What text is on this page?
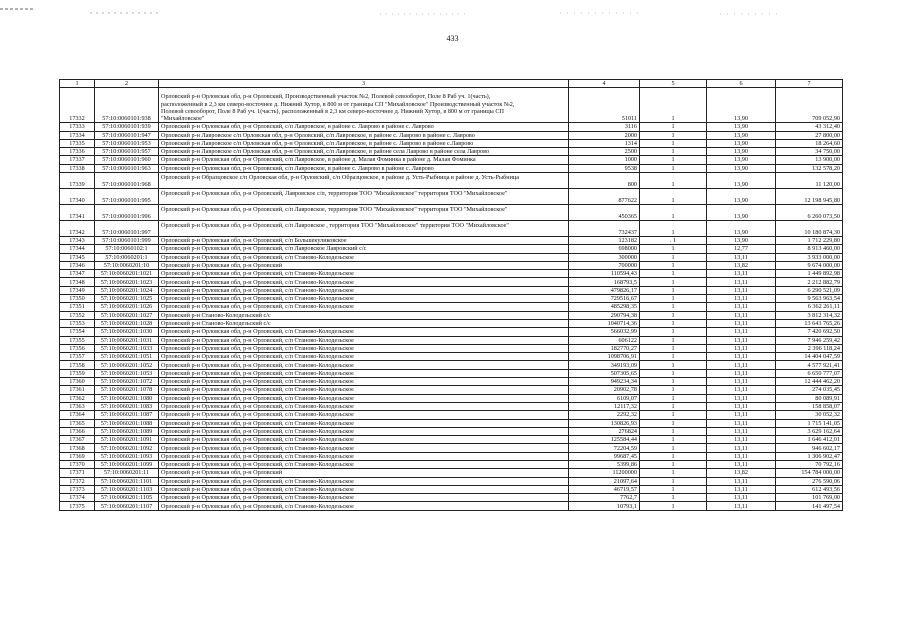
433
1	2	3	4	5	6	7
17332	57:10:0060101:938	Орловский р-н Орловская обл, р-н Орловский, Производственный участок №2, Полевой севооборот, Поле 8 Раб уч. 1(часть),
расположенный в 2,3 км северо-восточнее д. Нижний Хутор, в 800 м от границы СП "Михайловское" Производственный участок №2,
Полевой севооборот, Поле 8 Раб уч. 1(часть), расположенный в 2,3 км северо-восточнее д. Нижний Хутор, в 800 м от границы СП
"Михайловское"	51011	1	13,90	709 052,90
17333	57:10:0060101:939	Орловский р-н Орловская обл, р-н Орловский, с/п Лавровское, в районе с. Лаврово в районе с. Лаврово	3116	1	13,90	43 312,40
17334	57:10:0060101:947	Орловский р-н Лавровское с/п Орловская обл, р-н Орловский, с/п Лавровское, в районе с. Лаврово в районе с. Лаврово	2000	1	13,90	27 800,00
17335	57:10:0060101:953	Орловский р-н Лавровское с/п Орловская обл, р-н Орловский, с/п Лавровское, в районе с. Лаврово в районе с.Лаврово	1314	1	13,90	18 264,60
17336	57:10:0060101:957	Орловский р-н Лавровское с/п Орловская обл, р-н Орловский, с/п Лавровское, в районе села Лаврово в районе села Лаврово	2500	1	13,90	34 750,00
17337	57:10:0060101:960	Орловский р-н Орловская обл, р-н Орловский, с/п Лавровское, в районе д. Малая Фоминка в районе д. Малая Фоминка	1000	1	13,90	13 900,00
17338	57:10:0060101:963	Орловский р-н Орловская обл, р-н Орловский, с/п Лавровское, в районе с. Лаврово в районе с. Лаврово	9538	1	13,90	132 578,20
17339	57:10:0060101:968	Орловский р-н Образцовское с/п Орловская обл, р-н Орловский, с/п Образцовское, в районе д. Усть-Рыбница в районе д. Усть-Рыбница	800	1	13,90	11 120,00
17340	57:10:0060101:995	Орловский р-н Орловская обл, р-н Орловский, Лавровское с/п, территория ТОО "Михайловское" территория ТОО "Михайловское"	877622	1	13,90	12 198 945,80
17341	57:10:0060101:996	Орловский р-н Орловская обл, р-н Орловский, с/п Лавровское, территория ТОО "Михайловское" территория ТОО "Михайловское"	450365	1	13,90	6 260 073,50
17342	57:10:0060101:997	Орловский р-н Орловская обл, р-н Орловский, с/п Лавровское , территория ТОО "Михайловское" территория ТОО "Михайловское"	732437	1	13,90	10 180 874,30
17343	57:10:0060101:999	Орловский р-н Орловская обл, р-н Орловский, с/п Большекуликовское	123182	. 1	13,90	1 712 229,80
17344	57:10:0060102:1	Орловский р-н Орловская обл, р-н Орловский, с/п Лавровское Лавровский с/с	698000	1	12,77	8 913 460,00
17345	57:10:0060201:1	Орловский р-н Орловская обл, р-н Орловский, с/п Станово-Колодезьское	300000	1	13,11	3 933 000,00
17346	57:10:0060201:10	Орловский р-н Орловская обл, р-н Орловский	700000	1	13,82	9 674 000,00
17347	57:10:0060201:1021	Орловский р-н Орловская обл, р-н Орловский, с/п Станово-Колодезьское	110594,43	1	13,11	1 449 892,98
17348	57:10:0060201:1023	Орловский р-н Орловская обл, р-н Орловский, с/п Станово-Колодезьское	168793,5	1	13,11	2 212 882,79
17349	57:10:0060201:1024	Орловский р-н Орловская обл, р-н Орловский, с/п Станово-Колодезьское	479826,17	1	13,11	6 290 521,09
17350	57:10:0060201:1025	Орловский р-н Орловская обл, р-н Орловский, с/п Станово-Колодезьское	729516,67	1	13,11	9 563 963,54
17351	57:10:0060201:1026	Орловский р-н Орловская обл, р-н Орловский, с/п Станово-Колодезьское	485298,35	1	13,11	6 362 261,11
17352	57:10:0060201:1027	Орловский р-н Станово-Колодезьский с/с	290794,38	1	13,11	3 812 314,32
17353	57:10:0060201:1028	Орловский р-н Станово-Колодезьский с/с	1040714,36	1	13,11	13 643 765,26
17354	57:10:0060201:1030	Орловский р-н Орловская обл, р-н Орловский, с/п Станово-Колодезьское	566032,99	1	13,11	7 420 692,50
17355	57:10:0060201:1031	Орловский р-н Орловская обл, р-н Орловский, с/п Станово-Колодезьское	606122	1	13,11	7 946 259,42
17356	57:10:0060201:1033	Орловский р-н Орловская обл, р-н Орловский, с/п Станово-Колодезьское	182770,27	1	13,11	2 396 118,24
17357	57:10:0060201:1051	Орловский р-н Орловская обл, р-н Орловский, с/п Станово-Колодезьское	1098706,91	1	13,11	14 404 047,59
17358	57:10:0060201:1052	Орловский р-н Орловская обл, р-н Орловский, с/п Станово-Колодезьское	349193,09	1	13,11	4 577 921,41
17359	57:10:0060201:1053	Орловский р-н Орловская обл, р-н Орловский, с/п Станово-Колодезьское	507305,65	1	13,11	6 650 777,07
17360	57:10:0060201:1072	Орловский р-н Орловская обл, р-н Орловский, с/п Станово-Колодезьское	949234,34	1	13,11	12 444 462,20
17361	57:10:0060201:1078	Орловский р-н Орловская обл, р-н Орловский, с/п Станово-Колодезьское	20902,78	1	13,11	274 035,45
17362	57:10:0060201:1080	Орловский р-н Орловская обл, р-н Орловский, с/п Станово-Колодезьское	6109,07	1	13,11	80 089,91
17363	57:10:0060201:1083	Орловский р-н Орловская обл, р-н Орловский, с/п Станово-Колодезьское	12117,32	1	13,11	158 858,07
17364	57:10:0060201:1087	Орловский р-н Орловская обл, р-н Орловский, с/п Станово-Колодезьское	2292,32	1	13,11	30 052,32
17365	57:10:0060201:1088	Орловский р-н Орловская обл, р-н Орловский, с/п Станово-Колодезьское	130826,93	1	13,11	1 715 141,05
17366	57:10:0060201:1089	Орловский р-н Орловская обл, р-н Орловский, с/п Станово-Колодезьское	276824	1	13,11	3 629 162,64
17367	57:10:0060201:1091	Орловский р-н Орловская обл, р-н Орловский, с/п Станово-Колодезьское	125584,44	1	13,11	1 646 412,01
17368	57:10:0060201:1092	Орловский р-н Орловская обл, р-н Орловский, с/п Станово-Колодезьское	72204,59	1	13,11	946 602,17
17369	57:10:0060201:1093	Орловский р-н Орловская обл, р-н Орловский, с/п Станово-Колодезьское	99687,45	1	13,11	1 306 902,47
17370	57:10:0060201:1099	Орловский р-н Орловская обл, р-н Орловский, с/п Станово-Колодезьское	5399,86	1	13,11	70 792,16
17371	57:10:0060201:11	Орловский р-н Орловская обл, р-н Орловский	11200000	1	13,82	154 784 000,00
17372	57:10:0060201:1101	Орловский р-н Орловская обл, р-н Орловский, с/п Станово-Колодезьское	21097,64	1	13,11	276 590,06
17373	57:10:0060201:1103	Орловский р-н Орловская обл, р-н Орловский, с/п Станово-Колодезьское	46719,57	1	13,11	612 493,56
17374	57:10:0060201:1105	Орловский р-н Орловская обл, р-н Орловский, с/п Станово-Колодезьское	7762,7	1	13,11	101 769,00
17375	57:10:0060201:1107	Орловский р-н Орловская обл, р-н Орловский, с/п Станово-Колодезьское	10793,1	1	13,11	141 497,54
